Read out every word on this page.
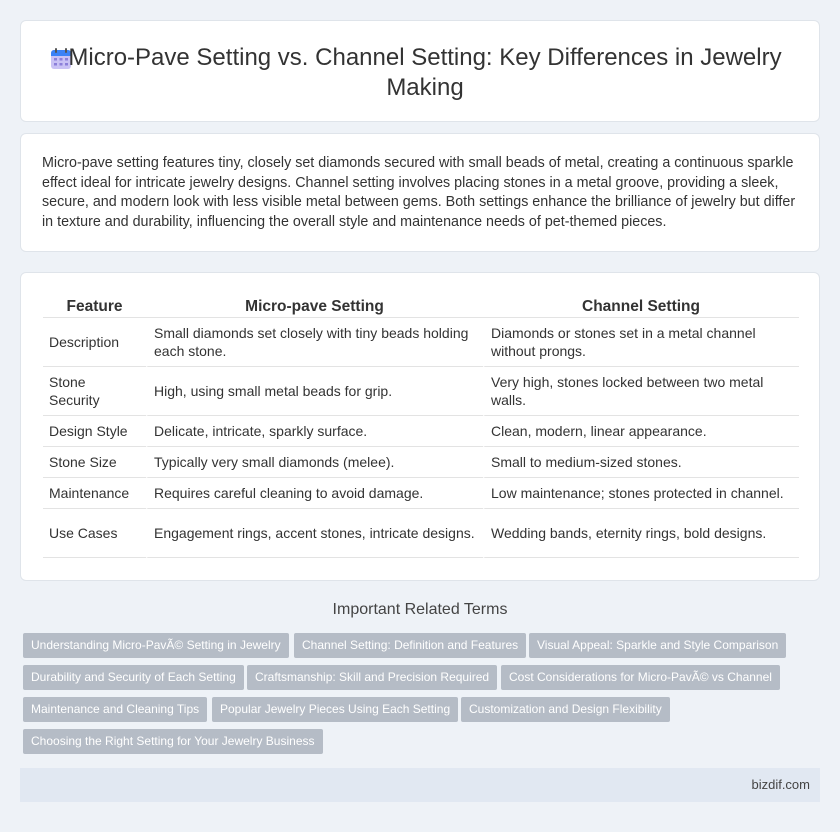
Micro-Pave Setting vs. Channel Setting: Key Differences in Jewelry Making

Micro-pave setting features tiny, closely set diamonds secured with small beads of metal, creating a continuous sparkle effect ideal for intricate jewelry designs. Channel setting involves placing stones in a metal groove, providing a sleek, secure, and modern look with less visible metal between gems. Both settings enhance the brilliance of jewelry but differ in texture and durability, influencing the overall style and maintenance needs of pet-themed pieces.

Feature	Micro-pave Setting	Channel Setting
Description	Small diamonds set closely with tiny beads holding each stone.	Diamonds or stones set in a metal channel without prongs.
Stone Security	High, using small metal beads for grip.	Very high, stones locked between two metal walls.
Design Style	Delicate, intricate, sparkly surface.	Clean, modern, linear appearance.
Stone Size	Typically very small diamonds (melee).	Small to medium-sized stones.
Maintenance	Requires careful cleaning to avoid damage.	Low maintenance; stones protected in channel.
Use Cases	Engagement rings, accent stones, intricate designs.	Wedding bands, eternity rings, bold designs.
Important Related Terms
Understanding Micro-PavÃ© Setting in Jewelry	Channel Setting: Definition and Features	Visual Appeal: Sparkle and Style Comparison
Durability and Security of Each Setting	Craftsmanship: Skill and Precision Required	Cost Considerations for Micro-PavÃ© vs Channel
Maintenance and Cleaning Tips	Popular Jewelry Pieces Using Each Setting	Customization and Design Flexibility
Choosing the Right Setting for Your Jewelry Business
bizdif.com
